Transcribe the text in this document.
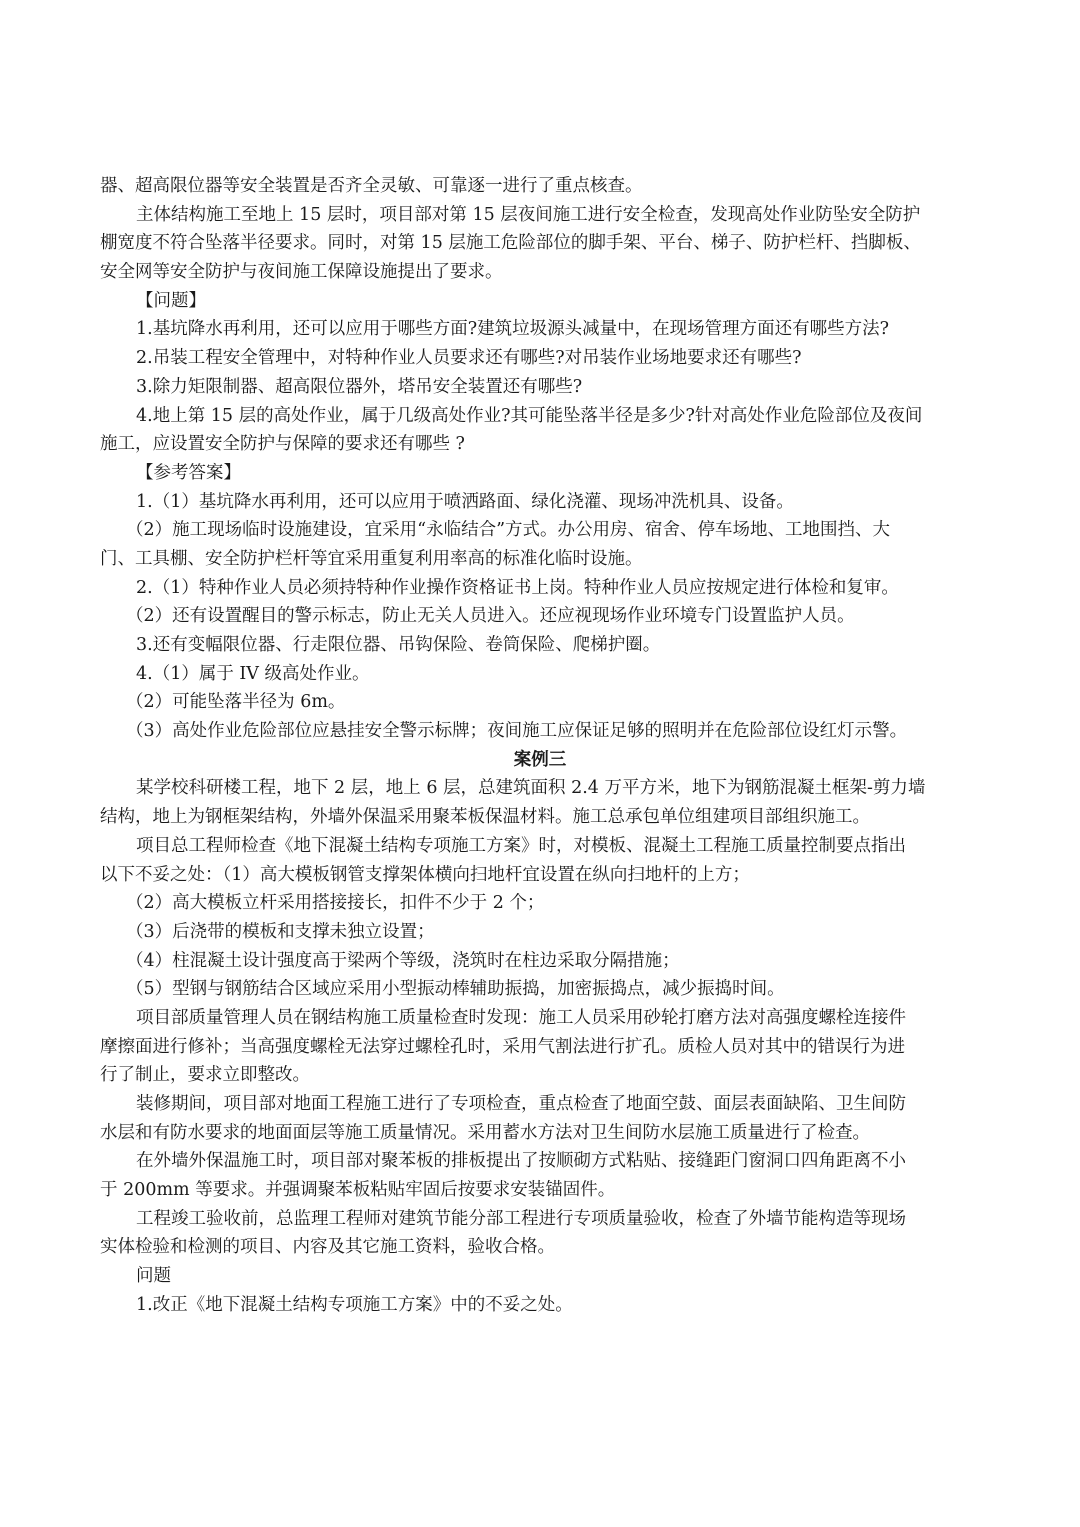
器、超高限位器等安全装置是否齐全灵敏、可靠逐一进行了重点核查。

主体结构施工至地上 15 层时，项目部对第 15 层夜间施工进行安全检查，发现高处作业防坠安全防护

棚宽度不符合坠落半径要求。同时，对第 15 层施工危险部位的脚手架、平台、梯子、防护栏杆、挡脚板、

安全网等安全防护与夜间施工保障设施提出了要求。

【问题】

1.基坑降水再利用，还可以应用于哪些方面?建筑垃圾源头减量中，在现场管理方面还有哪些方法?

2.吊装工程安全管理中，对特种作业人员要求还有哪些?对吊装作业场地要求还有哪些?

3.除力矩限制器、超高限位器外，塔吊安全装置还有哪些?

4.地上第 15 层的高处作业，属于几级高处作业?其可能坠落半径是多少?针对高处作业危险部位及夜间

施工，应设置安全防护与保障的要求还有哪些 ?

【参考答案】

1.（1）基坑降水再利用，还可以应用于喷洒路面、绿化浇灌、现场冲洗机具、设备。

（2）施工现场临时设施建设，宜采用“永临结合”方式。办公用房、宿舍、停车场地、工地围挡、大

门、工具棚、安全防护栏杆等宜采用重复利用率高的标准化临时设施。

2.（1）特种作业人员必须持特种作业操作资格证书上岗。特种作业人员应按规定进行体检和复审。

（2）还有设置醒目的警示标志，防止无关人员进入。还应视现场作业环境专门设置监护人员。

3.还有变幅限位器、行走限位器、吊钩保险、卷筒保险、爬梯护圈。

4.（1）属于 IV 级高处作业。

（2）可能坠落半径为 6m。

（3）高处作业危险部位应悬挂安全警示标牌；夜间施工应保证足够的照明并在危险部位设红灯示警。

案例三

某学校科研楼工程，地下 2 层，地上 6 层，总建筑面积 2.4 万平方米，地下为钢筋混凝土框架-剪力墙

结构，地上为钢框架结构，外墙外保温采用聚苯板保温材料。施工总承包单位组建项目部组织施工。

项目总工程师检查《地下混凝土结构专项施工方案》时，对模板、混凝土工程施工质量控制要点指出

以下不妥之处：（1）高大模板钢管支撑架体横向扫地杆宜设置在纵向扫地杆的上方；

（2）高大模板立杆采用搭接接长，扣件不少于 2 个；

（3）后浇带的模板和支撑未独立设置；

（4）柱混凝土设计强度高于梁两个等级，浇筑时在柱边采取分隔措施；

（5）型钢与钢筋结合区域应采用小型振动棒辅助振捣，加密振捣点，减少振捣时间。

项目部质量管理人员在钢结构施工质量检查时发现：施工人员采用砂轮打磨方法对高强度螺栓连接件

摩擦面进行修补；当高强度螺栓无法穿过螺栓孔时，采用气割法进行扩孔。质检人员对其中的错误行为进

行了制止，要求立即整改。

装修期间，项目部对地面工程施工进行了专项检查，重点检查了地面空鼓、面层表面缺陷、卫生间防

水层和有防水要求的地面面层等施工质量情况。采用蓄水方法对卫生间防水层施工质量进行了检查。

在外墙外保温施工时，项目部对聚苯板的排板提出了按顺砌方式粘贴、接缝距门窗洞口四角距离不小

于 200mm 等要求。并强调聚苯板粘贴牢固后按要求安装锚固件。

工程竣工验收前，总监理工程师对建筑节能分部工程进行专项质量验收，检查了外墙节能构造等现场

实体检验和检测的项目、内容及其它施工资料，验收合格。

问题

1.改正《地下混凝土结构专项施工方案》中的不妥之处。
